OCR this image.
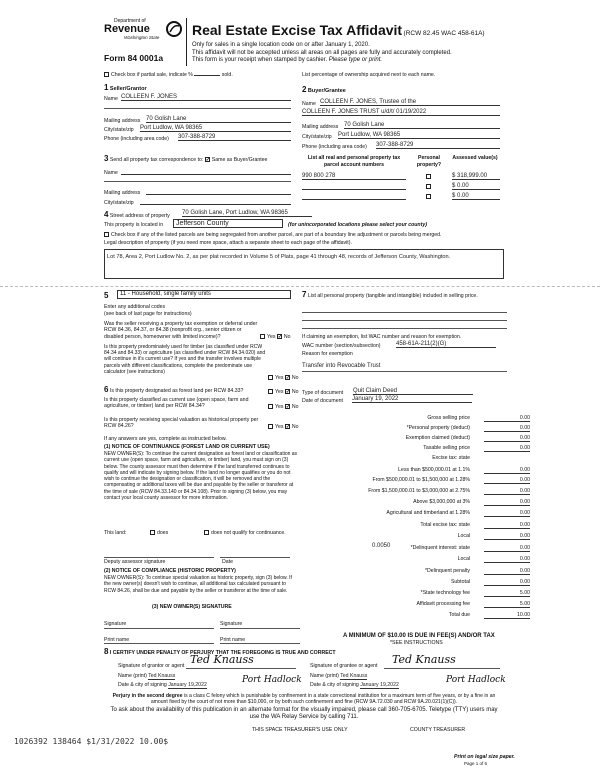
Department of
Revenue
Washington State
Form 84 0001a
Real Estate Excise Tax Affidavit (RCW 82.45 WAC 458-61A)
Only for sales in a single location code on or after January 1, 2020.
This affidavit will not be accepted unless all areas on all pages are fully and accurately completed.
This form is your receipt when stamped by cashier. Please type or print.
Check box if partial sale, indicate %	sold.	List percentage of ownership acquired next to each name.
1 Seller/Grantor
Name COLLEEN F. JONES
Mailing address 70 Golish Lane
City/state/zip Port Ludlow, WA 98365
Phone (including area code) 307-388-8729
2 Buyer/Grantee
Name COLLEEN F. JONES, Trustee of the
COLLEEN F. JONES TRUST u/d/t/ 01/19/2022
Mailing address 70 Golish Lane
City/state/zip Port Ludlow, WA 98365
Phone (including area code) 307-388-8729
3 Send all property tax correspondence to: ✓ Same as Buyer/Grantee
Name
Mailing address
City/state/zip
List all real and personal property tax parcel account numbers
Personal property?
Assessed value(s)
990 800 278	$ 318,999.00
$ 0.00
$ 0.00
4 Street address of property 70 Golish Lane, Port Ludlow, WA 98365
This property is located in	Jefferson County	(for unincorporated locations please select your county)
Check box if any of the listed parcels are being segregated from another parcel, are part of a boundary line adjustment or parcels being merged.
Legal description of property (if you need more space, attach a separate sheet to each page of the affidavit).
Lot 78, Area 2, Port Ludlow No. 2, as per plat recorded in Volume 5 of Plats, page 41 through 48, records of Jefferson County, Washington.
5	11 - Household, single family units
Enter any additional codes
(see back of last page for instructions)
Was the seller receiving a property tax exemption or deferral under RCW 84.36, 84.37, or 84.38 (nonprofit org., senior citizen or disabled person, homeowner with limited income)?	Yes ✓ No
Is this property predominately used for timber (as classified under RCW 84.34 and 84.33) or agriculture (as classified under RCW 84.34.020) and will continue in it's current use? If yes and the transfer involves multiple parcels with different classifications, complete the predominate use calculator (see instructions)
Yes ✓ No
6 Is this property designated as forest land per RCW 84.33?	Yes ✓ No
Is this property classified as current use (open space, farm and agriculture, or timber) land per RCW 84.34?	Yes ✓ No
Is this property receiving special valuation as historical property per RCW 84.26?	Yes ✓ No
If any answers are yes, complete as instructed below.
(1) NOTICE OF CONTINUANCE (FOREST LAND OR CURRENT USE)
NEW OWNER(S): To continue the current designation as forest land or classification as current use (open space, farm and agriculture, or timber) land, you must sign on (3) below. The county assessor must then determine if the land transferred continues to qualify and will indicate by signing below. If the land no longer qualifies or you do not wish to continue the designation or classification, it will be removed and the compensating or additional taxes will be due and payable by the seller or transferor at the time of sale (RCW 84.33.140 or 84.34.108). Prior to signing (3) below, you may contact your local county assessor for more information.
This land:	does	does not qualify for continuance.
Deputy assessor signature	Date
(2) NOTICE OF COMPLIANCE (HISTORIC PROPERTY)
NEW OWNER(S): To continue special valuation as historic property, sign (3) below. If the new owner(s) doesn't wish to continue, all additional tax calculated pursuant to RCW 84.26, shall be due and payable by the seller or transferor at the time of sale.
(3) NEW OWNER(S) SIGNATURE
Signature	Signature
Print name	Print name
7 List all personal property (tangible and intangible) included in selling price.
If claiming an exemption, list WAC number and reason for exemption.
WAC number (section/subsection)	458-61A-211(2)(G)
Reason for exemption
Transfer into Revocable Trust
Type of document Quit Claim Deed
Date of document January 19, 2022
Gross selling price	0.00
*Personal property (deduct)	0.00
Exemption claimed (deduct)	0.00
Taxable selling price	0.00
Excise tax: state
Less than $500,000.01 at 1.1%	0.00
From $500,000.01 to $1,500,000 at 1.28%	0.00
From $1,500,000.01 to $3,000,000 at 2.75%	0.00
Above $3,000,000 at 3%	0.00
Agricultural and timberland at 1.28%	0.00
Total excise tax: state	0.00
Local	0.00
*Delinquent interest: state	0.00
Local	0.00
*Delinquent penalty	0.00
Subtotal	0.00
*State technology fee	5.00
Affidavit processing fee	5.00
Total due	10.00
0.0050
A MINIMUM OF $10.00 IS DUE IN FEE(S) AND/OR TAX
*SEE INSTRUCTIONS
8 I CERTIFY UNDER PENALTY OF PERJURY THAT THE FOREGOING IS TRUE AND CORRECT
Signature of grantor or agent Ted Knauss
Name (print) Ted Knauss
Date & city of signing January 19,2022	Port Hadlock
Signature of grantee or agent Ted Knauss
Name (print) Ted Knauss
Date & city of signing January 19,2022	Port Hadlock
Perjury in the second degree is a class C felony which is punishable by confinement in a state correctional institution for a maximum term of five years, or by a fine in an amount fixed by the court of not more than $10,000, or by both such confinement and fine (RCW 9A.72.030 and RCW 9A.20.021(1)(C)).
To ask about the availability of this publication in an alternate format for the visually impaired, please call 360-705-6705. Teletype (TTY) users may use the WA Relay Service by calling 711.
THIS SPACE TREASURER'S USE ONLY	COUNTY TREASURER
1026392 138464 $1/31/2022 10.00$
Print on legal size paper.
Page 1 of 6
